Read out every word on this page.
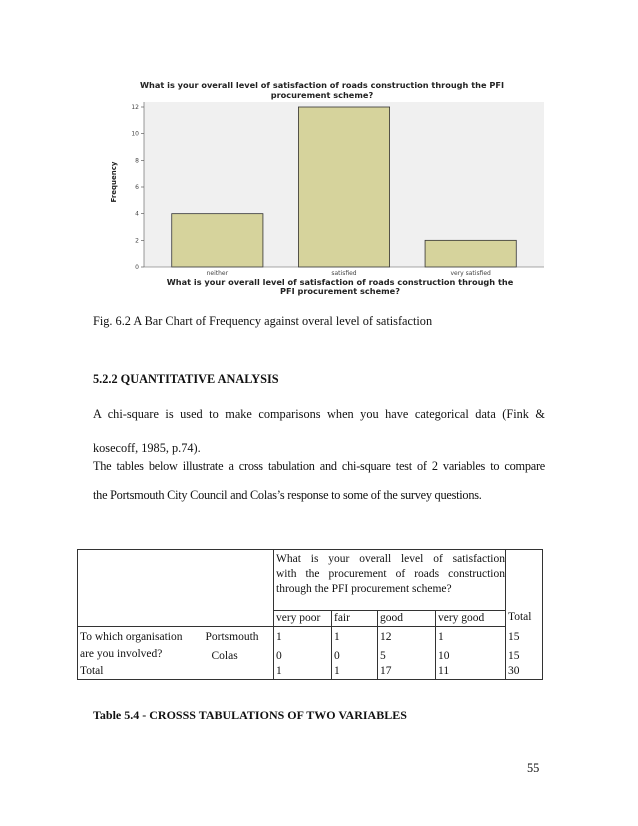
What is your overall level of satisfaction of roads construction through the PFI
procurement scheme?
0
2
4
6
8
10
12
neither	satisfied	very satisfied
Frequency
What is your overall level of satisfaction of roads construction through the
PFI procurement scheme?
Fig. 6.2 A Bar Chart of Frequency against overal level of satisfaction
5.2.2 QUANTITATIVE ANALYSIS
A chi-square is used to make comparisons when you have categorical data (Fink &
kosecoff, 1985, p.74).
The tables below illustrate a cross tabulation and chi-square test of 2 variables to compare
the Portsmouth City Council and Colas’s response to some of the survey questions.

		What is your overall level of satisfaction
with the procurement of roads construction
through the PFI procurement scheme?				Total
		very poor	fair	good	very good	
To which organisation	Portsmouth	1	1	12	1	15
are you involved?	Colas	0	0	5	10	15
Total		1	1	17	11	30
Table 5.4 - CROSSS TABULATIONS OF TWO VARIABLES
55
